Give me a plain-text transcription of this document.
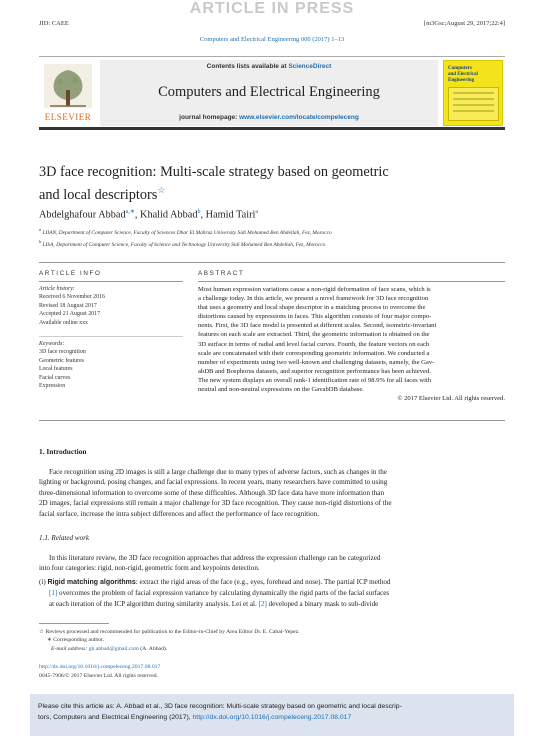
ARTICLE IN PRESS
JID: CAEE	[m3Gsc;August 29, 2017;22:4]
Computers and Electrical Engineering 000 (2017) 1–13
ELSEVIER
Contents lists available at ScienceDirect
Computers and Electrical Engineering
journal homepage: www.elsevier.com/locate/compeleceng
Computers and Electrical Engineering
3D face recognition: Multi-scale strategy based on geometric
and local descriptors☆
Abdelghafour Abbad$^{a,∗}$, Khalid Abbad$^b$, Hamid Tairi$^a$
$^a$ LIIAN, Department of Computer Science, Faculty of Sciences Dhar El Mahraz University Sidi Mohamed Ben Abdellah, Fez, Morocco
$^b$ LISA, Department of Computer Science, Faculty of Science and Technology University Sidi Mohamed Ben Abdellah, Fez, Morocco
ARTICLE INFO	ABSTRACT
Article history:
Received 6 November 2016
Revised 18 August 2017
Accepted 21 August 2017
Available online xxx
Keywords:
3D face recognition
Geometric features
Local features
Facial curves
Expression
Most human expression variations cause a non-rigid deformation of face scans, which is
a challenge today. In this article, we present a novel framework for 3D face recognition
that uses a geometry and local shape descriptor in a matching process to overcome the
distortions caused by expressions in faces. This algorithm consists of four major compo-
nents. First, the 3D face model is presented at different scales. Second, isometric-invariant
features on each scale are extracted. Third, the geometric information is obtained on the
3D surface in terms of radial and level facial curves. Fourth, the feature vectors on each
scale are concatenated with their corresponding geometric information. We conducted a
number of experiments using two well-known and challenging datasets, namely, the Gav-
abDB and Bosphorus datasets, and superior recognition performance has been achieved.
The new system displays an overall rank-1 identification rate of 98.9% for all faces with
neutral and non-neutral expressions on the GavabDB database.
© 2017 Elsevier Ltd. All rights reserved.
1. Introduction
Face recognition using 2D images is still a large challenge due to many types of adverse factors, such as changes in the
lighting or background, posing changes, and facial expressions. In recent years, many researchers have committed to using
three-dimensional information to overcome some of these difficulties. Although 3D face data have more information than
2D images, facial expressions still remain a major challenge for 3D face recognition. They cause non-rigid distortions of the
facial surface, increase the intra subject differences and affect the performance of face recognition.
1.1. Related work
In this literature review, the 3D face recognition approaches that address the expression challenge can be categorized
into four categories: rigid, non-rigid, geometric form and keypoints detection.
(i) Rigid matching algorithms: extract the rigid areas of the face (e.g., eyes, forehead and nose). The partial ICP method
[1] overcomes the problem of facial expression variance by calculating dynamically the rigid parts of the facial surfaces
at each iteration of the ICP algorithm during similarity analysis. Lei et al. [2] developed a binary mask to sub-divide
☆ Reviews processed and recommended for publication to the Editor-in-Chief by Area Editor Dr. E. Cabal-Yepez.
∗ Corresponding author.
E-mail address: gh.abbad@gmail.com (A. Abbad).
http://dx.doi.org/10.1016/j.compeleceng.2017.08.017
0045-7906/© 2017 Elsevier Ltd. All rights reserved.
Please cite this article as: A. Abbad et al., 3D face recognition: Multi-scale strategy based on geometric and local descrip-
tors, Computers and Electrical Engineering (2017), http://dx.doi.org/10.1016/j.compeleceng.2017.08.017
